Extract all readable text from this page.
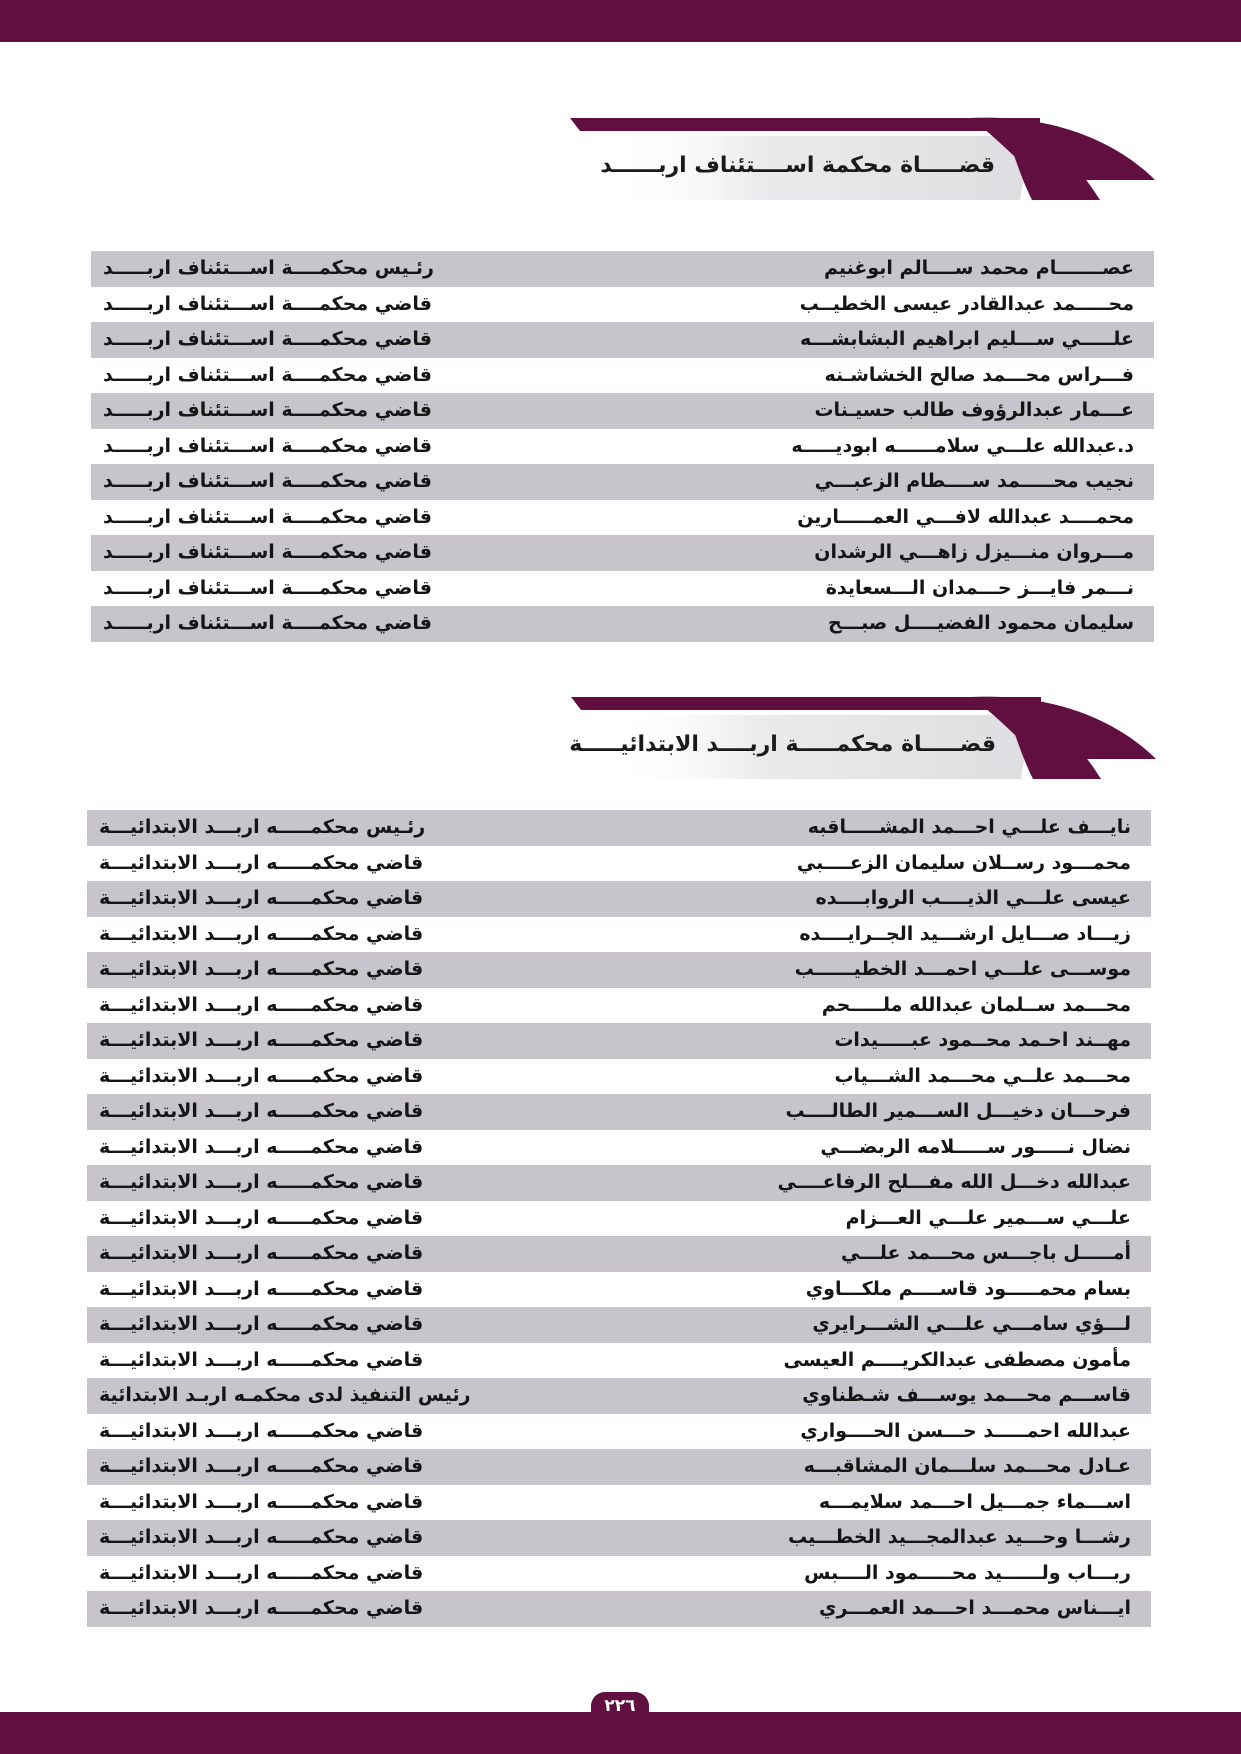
قضـــــاة محكمة اســــتئناف اربــــــد
عصـــــــام محمد ســــالم ابوغنيم
رئـيس محكمــــة اســـتئناف اربـــــد
محـــــمد عبدالقادر عيسى الخطيــب
قاضي محكمــــة اســـتئناف اربـــــد
علـــــي ســـليم ابراهيم البشابشـــه
قاضي محكمــــة اســـتئناف اربـــــد
فـــراس محـــمد صالح الخشاشـنه
قاضي محكمــــة اســـتئناف اربـــــد
عـــمار عبدالرؤوف طالب حسيـنات
قاضي محكمــــة اســـتئناف اربـــــد
د.عبدالله علـــي سلامــــــه ابوديـــــه
قاضي محكمــــة اســـتئناف اربـــــد
نجيب محـــــمد ســــطام الزعبـــي
قاضي محكمــــة اســـتئناف اربـــــد
محمــــد عبدالله لافـــي العمـــــارين
قاضي محكمــــة اســـتئناف اربـــــد
مـــروان منـــيزل زاهـــي الرشدان
قاضي محكمــــة اســـتئناف اربـــــد
نـــمر فايـــز حـــمدان الـــسعايدة
قاضي محكمــــة اســـتئناف اربـــــد
سليمان محمود الفضيــــل صبـــح
قاضي محكمــــة اســـتئناف اربـــــد
قضـــــاة محكمـــــة اربــــد الابتدائيـــــة
نايـــف علـــي احـــمد المشـــــاقبه
رئـيس محكمـــــه اربـــد الابتدائيـــة
محمـــود رســلان سليمان الزعــــبي
قاضي محكمـــــه اربـــد الابتدائيـــة
عيسى علـــي الذيــــب الروابــــده
قاضي محكمـــــه اربـــد الابتدائيـــة
زيـــاد صـــايل ارشـــيد الجــرايــــده
قاضي محكمـــــه اربـــد الابتدائيـــة
موســـى علـــي احمـــد الخطيــــــب
قاضي محكمـــــه اربـــد الابتدائيـــة
محـــمد ســلمان عبدالله ملـــــحم
قاضي محكمـــــه اربـــد الابتدائيـــة
مهــند احـمد محــمود عبـــــيدات
قاضي محكمـــــه اربـــد الابتدائيـــة
محـــمد علــي محـــمد الشـــياب
قاضي محكمـــــه اربـــد الابتدائيـــة
فرحـــان دخيـــل الســـمير الطالــــب
قاضي محكمـــــه اربـــد الابتدائيـــة
نضال نـــــور ســـــلامه الربضـــي
قاضي محكمـــــه اربـــد الابتدائيـــة
عبدالله دخـــل الله مفـــلح الرفاعــــي
قاضي محكمـــــه اربـــد الابتدائيـــة
علـــي ســـمير علـــي العـــزام
قاضي محكمـــــه اربـــد الابتدائيـــة
أمـــــل باجـــس محـــمد علـــي
قاضي محكمـــــه اربـــد الابتدائيـــة
بسام محمـــــود قاســــم ملكـــاوي
قاضي محكمـــــه اربـــد الابتدائيـــة
لـــؤي سامـــي علـــي الشـــرايري
قاضي محكمـــــه اربـــد الابتدائيـــة
مأمون مصطفى عبدالكريــــم العيسى
قاضي محكمـــــه اربـــد الابتدائيـــة
قاســـم محـــمد يوســـف شـطناوي
رئيس التنفيذ لدى محكمـه اربـد الابتدائية
عبدالله احمـــــد حـــسن الحــــواري
قاضي محكمـــــه اربـــد الابتدائيـــة
عـادل محـــمد سلـــمان المشاقبـــه
قاضي محكمـــــه اربـــد الابتدائيـــة
اســـماء جمـــيل احـــمد سلايمـــه
قاضي محكمـــــه اربـــد الابتدائيـــة
رشـــا وحـــيد عبدالمجـــيد الخطـــيب
قاضي محكمـــــه اربـــد الابتدائيـــة
ربـــاب ولــــــيد محـــــمود الــــبس
قاضي محكمـــــه اربـــد الابتدائيـــة
ايـــناس محمـــد احـــمد العمـــري
قاضي محكمـــــه اربـــد الابتدائيـــة
٢٢٦
